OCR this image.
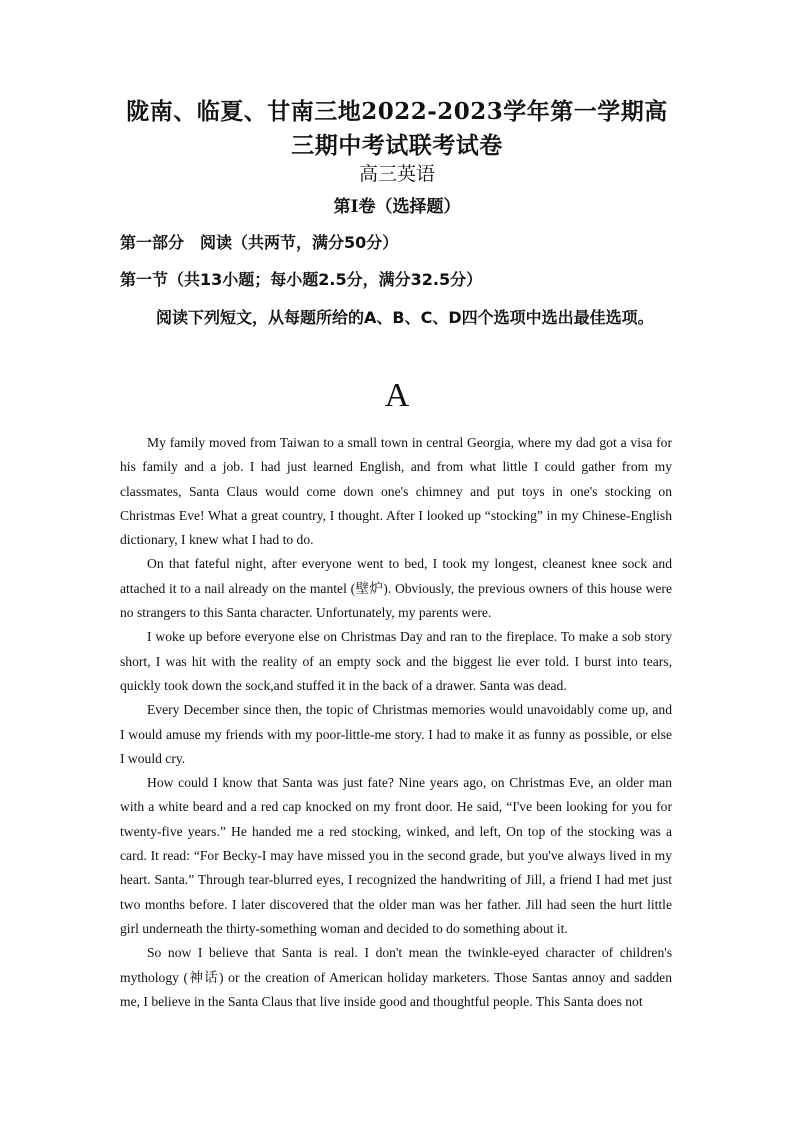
陇南、临夏、甘南三地2022-2023学年第一学期高
三期中考试联考试卷
高三英语
第Ⅰ卷（选择题）
第一部分　阅读（共两节，满分50分）
第一节（共13小题；每小题2.5分，满分32.5分）
阅读下列短文，从每题所给的A、B、C、D四个选项中选出最佳选项。
A

My family moved from Taiwan to a small town in central Georgia, where my dad got a visa for his family and a job. I had just learned English, and from what little I could gather from my classmates, Santa Claus would come down one's chimney and put toys in one's stocking on Christmas Eve! What a great country, I thought. After I looked up “stocking” in my Chinese-English dictionary, I knew what I had to do.

On that fateful night, after everyone went to bed, I took my longest, cleanest knee sock and attached it to a nail already on the mantel (壁炉). Obviously, the previous owners of this house were no strangers to this Santa character. Unfortunately, my parents were.

I woke up before everyone else on Christmas Day and ran to the fireplace. To make a sob story short, I was hit with the reality of an empty sock and the biggest lie ever told. I burst into tears, quickly took down the sock,and stuffed it in the back of a drawer. Santa was dead.

Every December since then, the topic of Christmas memories would unavoidably come up, and I would amuse my friends with my poor-little-me story. I had to make it as funny as possible, or else I would cry.

How could I know that Santa was just fate? Nine years ago, on Christmas Eve, an older man with a white beard and a red cap knocked on my front door. He said, “I've been looking for you for twenty-five years.” He handed me a red stocking, winked, and left, On top of the stocking was a card. It read: “For Becky-I may have missed you in the second grade, but you've always lived in my heart. Santa.” Through tear-blurred eyes, I recognized the handwriting of Jill, a friend I had met just two months before. I later discovered that the older man was her father. Jill had seen the hurt little girl underneath the thirty-something woman and decided to do something about it.

So now I believe that Santa is real. I don't mean the twinkle-eyed character of children's mythology (神话) or the creation of American holiday marketers. Those Santas annoy and sadden me, I believe in the Santa Claus that live inside good and thoughtful people. This Santa does not
